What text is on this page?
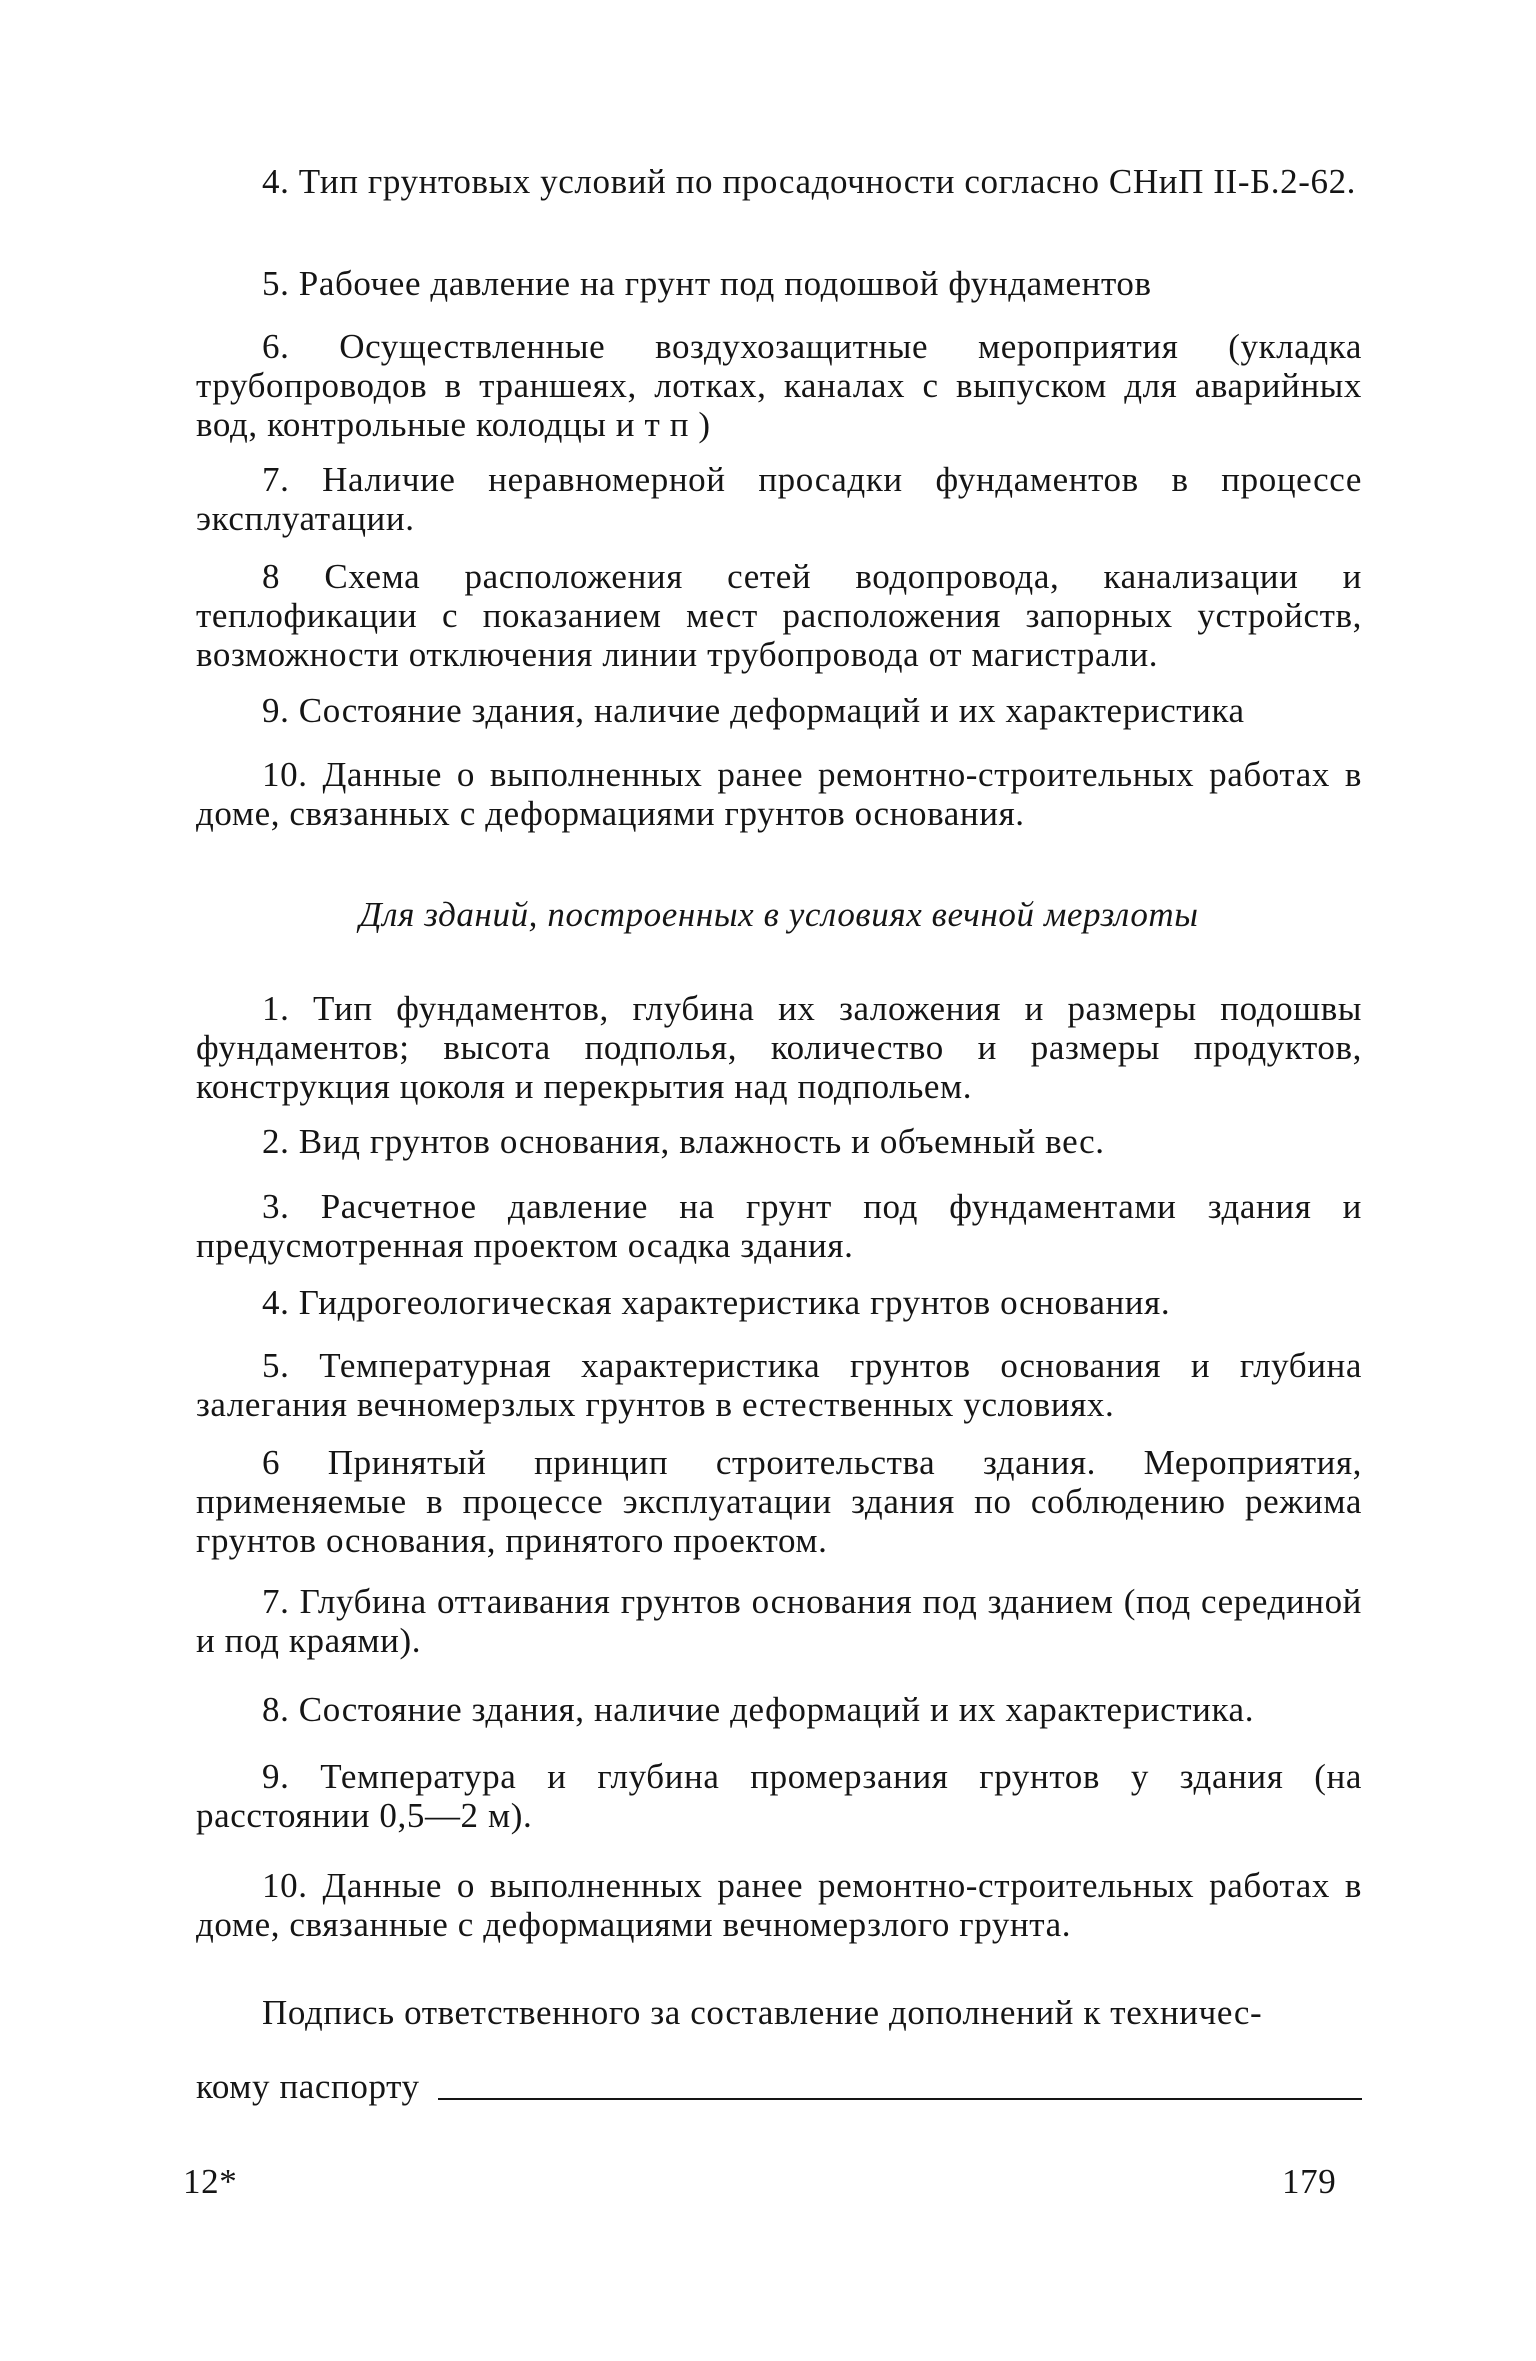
4. Тип грунтовых условий по просадочности согласно СНиП II-Б.2-62.

5. Рабочее давление на грунт под подошвой фундаментов

6. Осуществленные воздухозащитные мероприятия (укладка трубопроводов в траншеях, лотках, каналах с выпуском для аварийных вод, контрольные колодцы и т п )

7. Наличие неравномерной просадки фундаментов в процессе эксплуатации.

8 Схема расположения сетей водопровода, канализации и теплофикации с показанием мест расположения запорных устройств, возможности отключения линии трубопровода от магистрали.

9. Состояние здания, наличие деформаций и их характеристика

10. Данные о выполненных ранее ремонтно-строительных работах в доме, связанных с деформациями грунтов основания.

Для зданий, построенных в условиях вечной мерзлоты

1. Тип фундаментов, глубина их заложения и размеры подошвы фундаментов; высота подполья, количество и размеры продуктов, конструкция цоколя и перекрытия над подпольем.

2. Вид грунтов основания, влажность и объемный вес.

3. Расчетное давление на грунт под фундаментами здания и предусмотренная проектом осадка здания.

4. Гидрогеологическая характеристика грунтов основания.

5. Температурная характеристика грунтов основания и глубина залегания вечномерзлых грунтов в естественных условиях.

6 Принятый принцип строительства здания. Мероприятия, применяемые в процессе эксплуатации здания по соблюдению режима грунтов основания, принятого проектом.

7. Глубина оттаивания грунтов основания под зданием (под серединой и под краями).

8. Состояние здания, наличие деформаций и их характеристика.

9. Температура и глубина промерзания грунтов у здания (на расстоянии 0,5—2 м).

10. Данные о выполненных ранее ремонтно-строительных работах в доме, связанные с деформациями вечномерзлого грунта.

Подпись ответственного за составление дополнений к техничес-

кому паспорту
12*	179
